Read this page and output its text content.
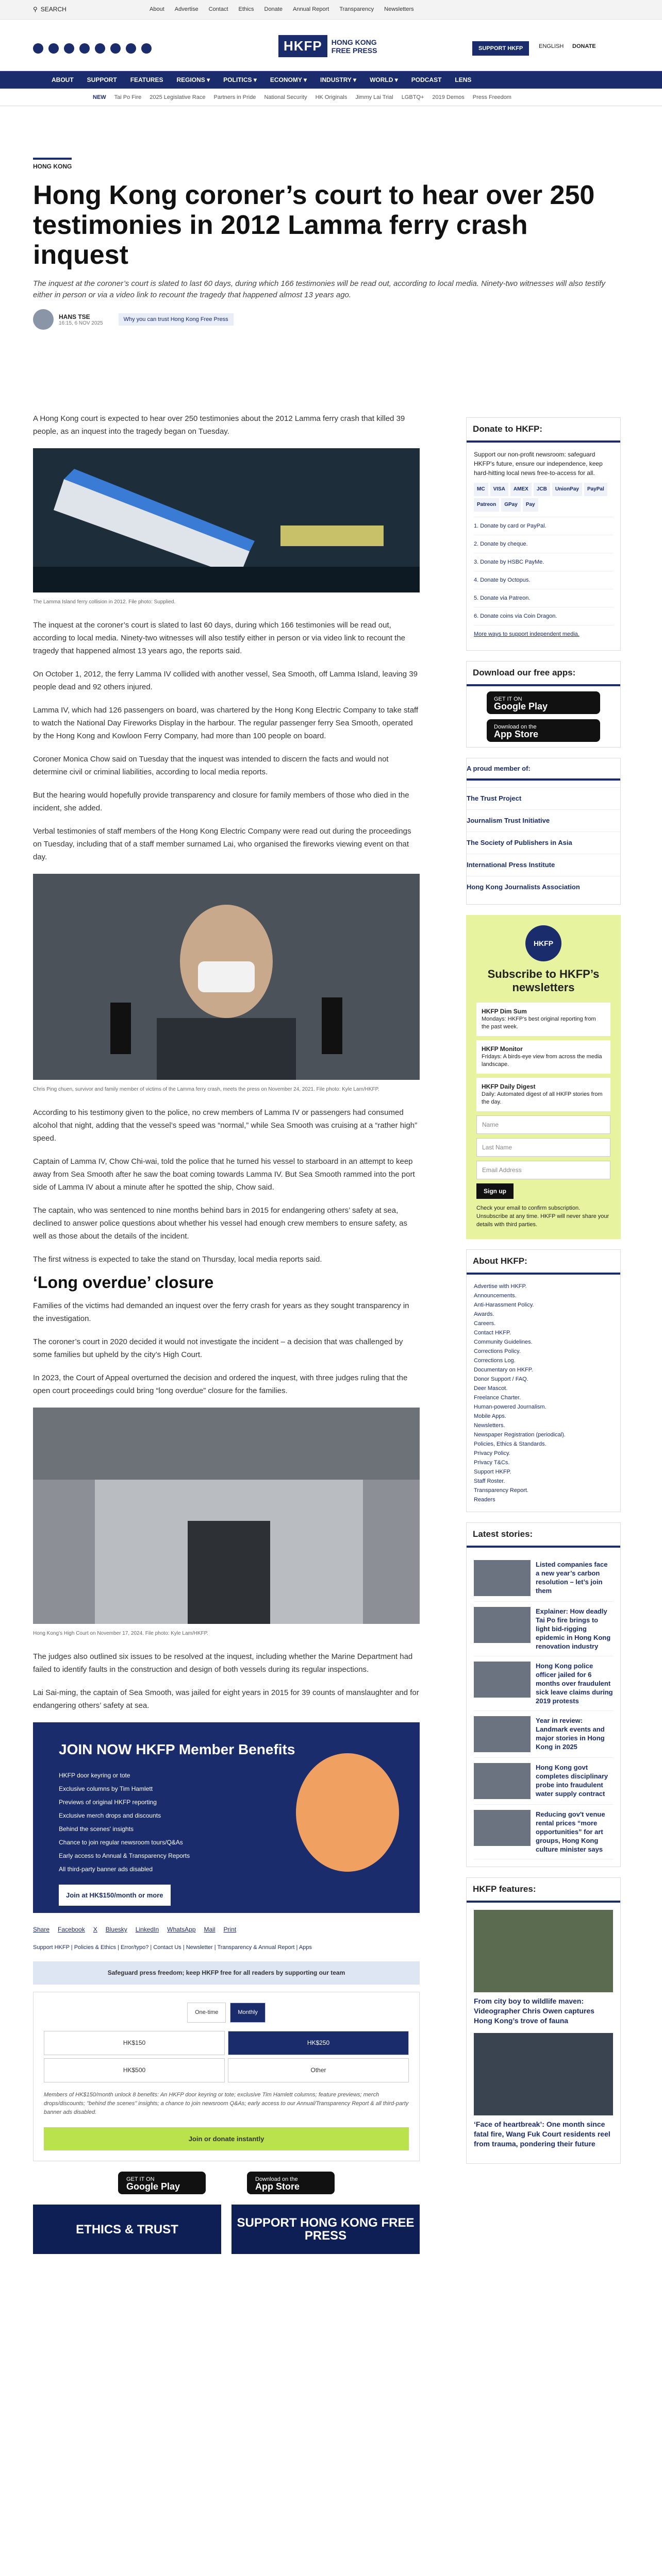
⚲ SEARCH	About Advertise Contact Ethics Donate Annual Report Transparency Newsletters
HKFP	HONG KONG
FREE PRESS	SUPPORT HKFP	ENGLISH DONATE
ABOUT SUPPORT FEATURES REGIONS ▾ POLITICS ▾ ECONOMY ▾ INDUSTRY ▾ WORLD ▾ PODCAST LENS
NEW Tai Po Fire 2025 Legislative Race Partners in Pride National Security HK Originals Jimmy Lai Trial LGBTQ+ 2019 Demos Press Freedom
HONG KONG
Hong Kong coroner’s court to hear over 250 testimonies in 2012 Lamma ferry crash inquest

The inquest at the coroner’s court is slated to last 60 days, during which 166 testimonies will be read out, according to local media. Ninety-two witnesses will also testify either in person or via a video link to recount the tragedy that happened almost 13 years ago.

HANS TSE
16:15, 6 NOV 2025
Why you can trust Hong Kong Free Press

A Hong Kong court is expected to hear over 250 testimonies about the 2012 Lamma ferry crash that killed 39 people, as an inquest into the tragedy began on Tuesday.

The Lamma Island ferry collision in 2012. File photo: Supplied.

The inquest at the coroner’s court is slated to last 60 days, during which 166 testimonies will be read out, according to local media. Ninety-two witnesses will also testify either in person or via video link to recount the tragedy that happened almost 13 years ago, the reports said.

On October 1, 2012, the ferry Lamma IV collided with another vessel, Sea Smooth, off Lamma Island, leaving 39 people dead and 92 others injured.

Lamma IV, which had 126 passengers on board, was chartered by the Hong Kong Electric Company to take staff to watch the National Day Fireworks Display in the harbour. The regular passenger ferry Sea Smooth, operated by the Hong Kong and Kowloon Ferry Company, had more than 100 people on board.

Coroner Monica Chow said on Tuesday that the inquest was intended to discern the facts and would not determine civil or criminal liabilities, according to local media reports.

But the hearing would hopefully provide transparency and closure for family members of those who died in the incident, she added.

Verbal testimonies of staff members of the Hong Kong Electric Company were read out during the proceedings on Tuesday, including that of a staff member surnamed Lai, who organised the fireworks viewing event on that day.

Chris Ping chuen, survivor and family member of victims of the Lamma ferry crash, meets the press on November 24, 2021. File photo: Kyle Lam/HKFP.

According to his testimony given to the police, no crew members of Lamma IV or passengers had consumed alcohol that night, adding that the vessel’s speed was “normal,” while Sea Smooth was cruising at a “rather high” speed.

Captain of Lamma IV, Chow Chi-wai, told the police that he turned his vessel to starboard in an attempt to keep away from Sea Smooth after he saw the boat coming towards Lamma IV. But Sea Smooth rammed into the port side of Lamma IV about a minute after he spotted the ship, Chow said.

The captain, who was sentenced to nine months behind bars in 2015 for endangering others’ safety at sea, declined to answer police questions about whether his vessel had enough crew members to ensure safety, as well as those about the details of the incident.

The first witness is expected to take the stand on Thursday, local media reports said.

‘Long overdue’ closure

Families of the victims had demanded an inquest over the ferry crash for years as they sought transparency in the investigation.

The coroner’s court in 2020 decided it would not investigate the incident – a decision that was challenged by some families but upheld by the city’s High Court.

In 2023, the Court of Appeal overturned the decision and ordered the inquest, with three judges ruling that the open court proceedings could bring “long overdue” closure for the families.

Hong Kong’s High Court on November 17, 2024. File photo: Kyle Lam/HKFP.

The judges also outlined six issues to be resolved at the inquest, including whether the Marine Department had failed to identify faults in the construction and design of both vessels during its regular inspections.

Lai Sai-ming, the captain of Sea Smooth, was jailed for eight years in 2015 for 39 counts of manslaughter and for endangering others’ safety at sea.

JOIN NOW HKFP Member Benefits
HKFP door keyring or tote
Exclusive columns by Tim Hamlett
Previews of original HKFP reporting
Exclusive merch drops and discounts
Behind the scenes' insights
Chance to join regular newsroom tours/Q&As
Early access to Annual & Transparency Reports
All third-party banner ads disabled
Join at HK$150/month or more
Share Facebook X Bluesky LinkedIn WhatsApp Mail Print
Support HKFP | Policies & Ethics | Error/typo? | Contact Us | Newsletter | Transparency & Annual Report | Apps
Safeguard press freedom; keep HKFP free for all readers by supporting our team
One-time	Monthly
HK$150	HK$250
HK$500	Other

Members of HK$150/month unlock 8 benefits: An HKFP door keyring or tote; exclusive Tim Hamlett columns; feature previews; merch drops/discounts; "behind the scenes" insights; a chance to join newsroom Q&As; early access to our Annual/Transparency Report & all third-party banner ads disabled.

Join or donate instantly
GET IT ON
Google Play
Download on the
App Store
ETHICS & TRUST	SUPPORT HONG KONG FREE PRESS
Donate to HKFP:

Support our non-profit newsroom: safeguard HKFP's future, ensure our independence, keep hard-hitting local news free-to-access for all.

MC	VISA	AMEX	JCB	UnionPay	PayPal
Patreon	GPay	Pay
1. Donate by card or PayPal.
2. Donate by cheque.
3. Donate by HSBC PayMe.
4. Donate by Octopus.
5. Donate via Patreon.
6. Donate coins via Coin Dragon.
More ways to support independent media.
Download our free apps:
GET IT ON
Google Play
Download on the
App Store
A proud member of:
The Trust Project
Journalism Trust Initiative
The Society of Publishers in Asia
International Press Institute
Hong Kong Journalists Association
HKFP
Subscribe to HKFP’s newsletters
HKFP Dim Sum
Mondays: HKFP’s best original reporting from the past week.
HKFP Monitor
Fridays: A birds-eye view from across the media landscape.
HKFP Daily Digest
Daily: Automated digest of all HKFP stories from the day.
Name
Last Name
Email Address
Sign up

Check your email to confirm subscription. Unsubscribe at any time. HKFP will never share your details with third parties.

About HKFP:
Advertise with HKFP.
Announcements.
Anti-Harassment Policy.
Awards.
Careers.
Contact HKFP.
Community Guidelines.
Corrections Policy.
Corrections Log.
Documentary on HKFP.
Donor Support / FAQ.
Deer Mascot.
Freelance Charter.
Human-powered Journalism.
Mobile Apps.
Newsletters.
Newspaper Registration (periodical).
Policies, Ethics & Standards.
Privacy Policy.
Privacy T&Cs.
Support HKFP.
Staff Roster.
Transparency Report.
Readers
Latest stories:
Listed companies face a new year’s carbon resolution – let’s join them
Explainer: How deadly Tai Po fire brings to light bid-rigging epidemic in Hong Kong renovation industry
Hong Kong police officer jailed for 6 months over fraudulent sick leave claims during 2019 protests
Year in review: Landmark events and major stories in Hong Kong in 2025
Hong Kong govt completes disciplinary probe into fraudulent water supply contract
Reducing gov't venue rental prices “more opportunities” for art groups, Hong Kong culture minister says
HKFP features:
From city boy to wildlife maven: Videographer Chris Owen captures Hong Kong’s trove of fauna
‘Face of heartbreak’: One month since fatal fire, Wang Fuk Court residents reel from trauma, pondering their future
